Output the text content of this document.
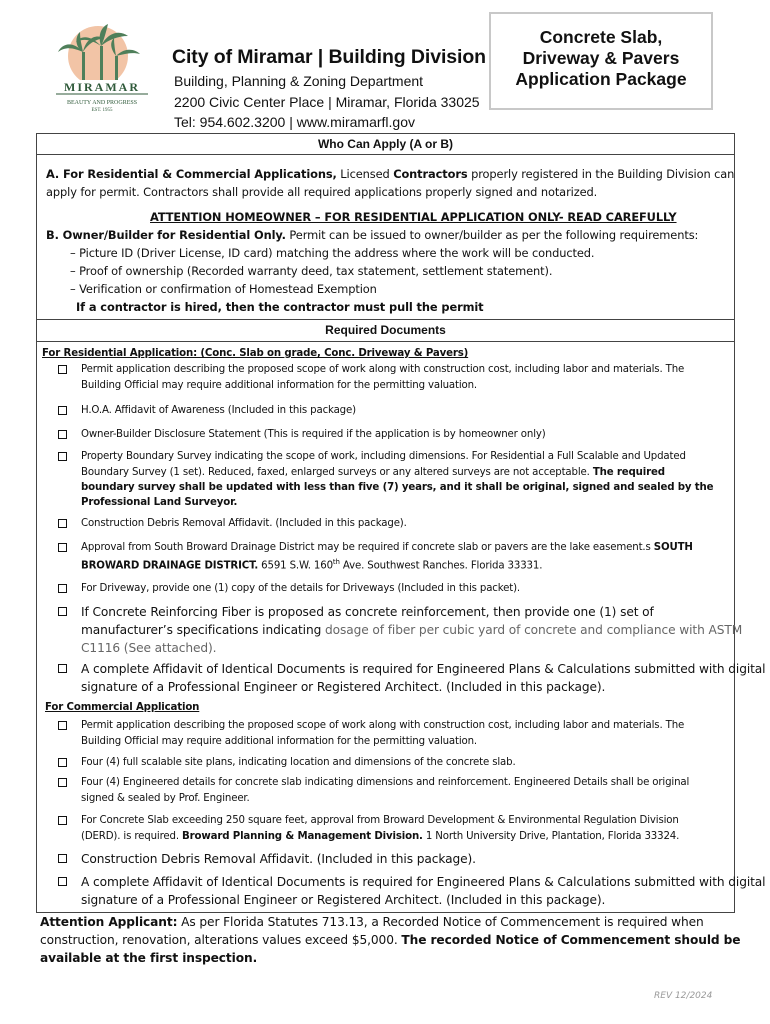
MIRAMAR
BEAUTY AND PROGRESS
EST. 1955
City of Miramar | Building Division
Building, Planning & Zoning Department
2200 Civic Center Place | Miramar, Florida 33025
Tel: 954.602.3200 | www.miramarfl.gov
Concrete Slab,
Driveway & Pavers
Application Package
Who Can Apply (A or B)
A. For Residential & Commercial Applications, Licensed Contractors properly registered in the Building Division can
apply for permit. Contractors shall provide all required applications properly signed and notarized.
ATTENTION HOMEOWNER – FOR RESIDENTIAL APPLICATION ONLY- READ CAREFULLY
B. Owner/Builder for Residential Only. Permit can be issued to owner/builder as per the following requirements:
– Picture ID (Driver License, ID card) matching the address where the work will be conducted.
– Proof of ownership (Recorded warranty deed, tax statement, settlement statement).
– Verification or confirmation of Homestead Exemption
If a contractor is hired, then the contractor must pull the permit
Required Documents
For Residential Application: (Conc. Slab on grade, Conc. Driveway & Pavers)
Permit application describing the proposed scope of work along with construction cost, including labor and materials. The
Building Official may require additional information for the permitting valuation.
H.O.A. Affidavit of Awareness (Included in this package)
Owner-Builder Disclosure Statement (This is required if the application is by homeowner only)
Property Boundary Survey indicating the scope of work, including dimensions. For Residential a Full Scalable and Updated
Boundary Survey (1 set). Reduced, faxed, enlarged surveys or any altered surveys are not acceptable. The required
boundary survey shall be updated with less than five (7) years, and it shall be original, signed and sealed by the
Professional Land Surveyor.
Construction Debris Removal Affidavit. (Included in this package).
Approval from South Broward Drainage District may be required if concrete slab or pavers are the lake easement.s SOUTH
BROWARD DRAINAGE DISTRICT. 6591 S.W. 160th Ave. Southwest Ranches. Florida 33331.
For Driveway, provide one (1) copy of the details for Driveways (Included in this packet).
If Concrete Reinforcing Fiber is proposed as concrete reinforcement, then provide one (1) set of
manufacturer’s specifications indicating dosage of fiber per cubic yard of concrete and compliance with ASTM
C1116 (See attached).
A complete Affidavit of Identical Documents is required for Engineered Plans & Calculations submitted with digital
signature of a Professional Engineer or Registered Architect. (Included in this package).
For Commercial Application
Permit application describing the proposed scope of work along with construction cost, including labor and materials. The
Building Official may require additional information for the permitting valuation.
Four (4) full scalable site plans, indicating location and dimensions of the concrete slab.
Four (4) Engineered details for concrete slab indicating dimensions and reinforcement. Engineered Details shall be original
signed & sealed by Prof. Engineer.
For Concrete Slab exceeding 250 square feet, approval from Broward Development & Environmental Regulation Division
(DERD). is required. Broward Planning & Management Division. 1 North University Drive, Plantation, Florida 33324.
Construction Debris Removal Affidavit. (Included in this package).
A complete Affidavit of Identical Documents is required for Engineered Plans & Calculations submitted with digital
signature of a Professional Engineer or Registered Architect. (Included in this package).
Attention Applicant: As per Florida Statutes 713.13, a Recorded Notice of Commencement is required when
construction, renovation, alterations values exceed $5,000. The recorded Notice of Commencement should be
available at the first inspection.
REV 12/2024
